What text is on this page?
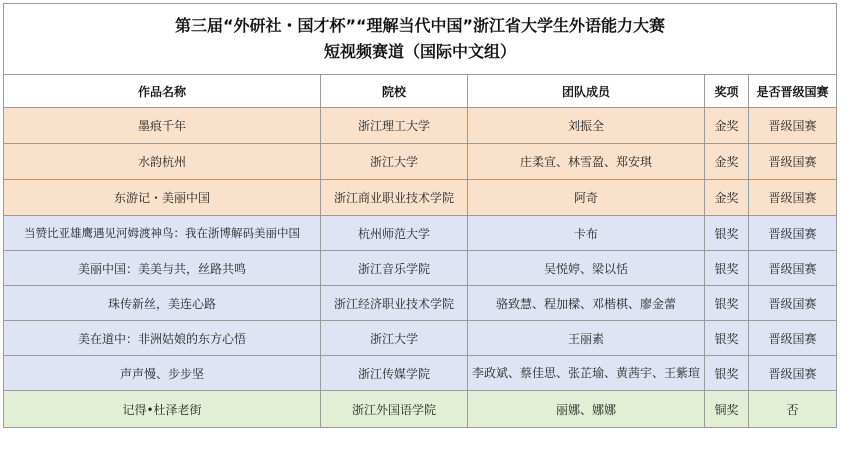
第三届“外研社・国才杯”“理解当代中国”浙江省大学生外语能力大赛
短视频赛道（国际中文组）				

作品名称	院校	团队成员	奖项	是否晋级国赛
墨痕千年	浙江理工大学	刘振全	金奖	晋级国赛
水韵杭州	浙江大学	庄柔宣、林雪盈、郑安琪	金奖	晋级国赛
东游记・美丽中国	浙江商业职业技术学院	阿奇	金奖	晋级国赛
当赞比亚雄鹰遇见河姆渡神鸟：我在浙博解码美丽中国	杭州师范大学	卡布	银奖	晋级国赛
美丽中国：美美与共，丝路共鸣	浙江音乐学院	吴悦婷、梁以恬	银奖	晋级国赛
珠传新丝，美连心路	浙江经济职业技术学院	骆致慧、程加樑、邓楷棋、廖金蕾	银奖	晋级国赛
美在道中：非洲姑娘的东方心悟	浙江大学	王丽素	银奖	晋级国赛
声声慢、步步坚	浙江传媒学院	李政斌、蔡佳思、张芷瑜、黄茜宇、王紫瑄	银奖	晋级国赛
记得•杜泽老街	浙江外国语学院	丽娜、娜娜	铜奖	否
